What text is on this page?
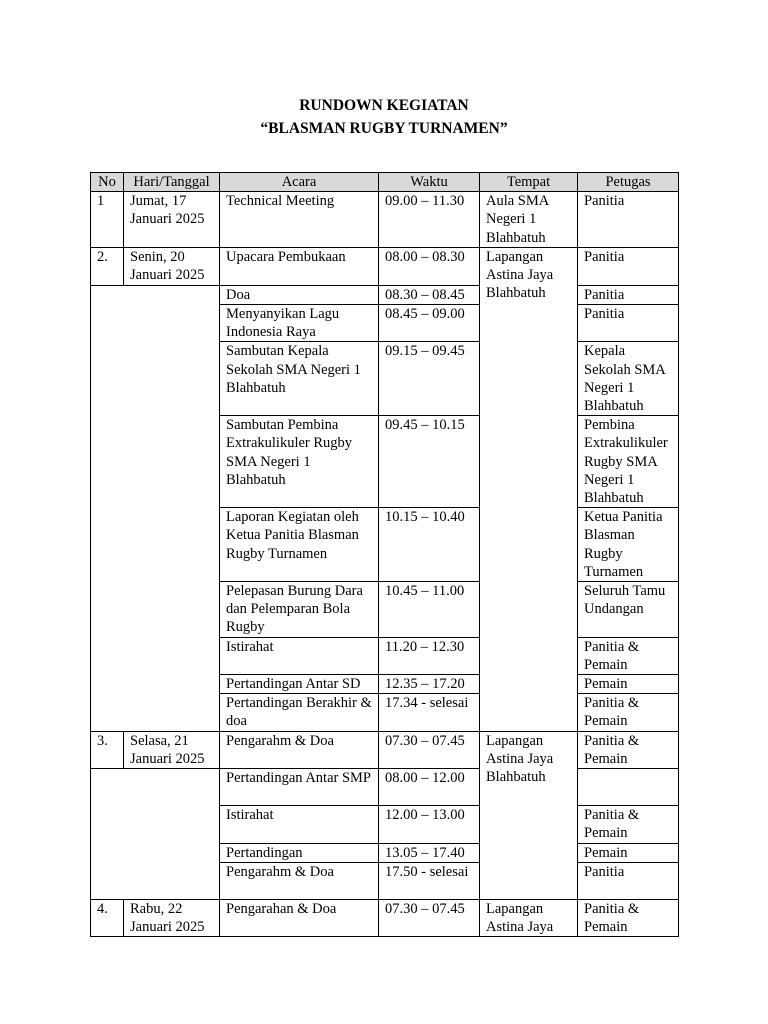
RUNDOWN KEGIATAN
“BLASMAN RUGBY TURNAMEN”
No	Hari/Tanggal	Acara	Waktu	Tempat	Petugas
1	Jumat, 17 Januari 2025	Technical Meeting	09.00 – 11.30	Aula SMA Negeri 1 Blahbatuh	Panitia
2.	Senin, 20 Januari 2025	Upacara Pembukaan	08.00 – 08.30	Lapangan Astina Jaya Blahbatuh	Panitia
		Doa	08.30 – 08.45		Panitia
		Menyanyikan Lagu Indonesia Raya	08.45 – 09.00		Panitia
		Sambutan Kepala Sekolah SMA Negeri 1 Blahbatuh	09.15 – 09.45		Kepala Sekolah SMA Negeri 1 Blahbatuh
		Sambutan Pembina Extrakulikuler Rugby SMA Negeri 1 Blahbatuh	09.45 – 10.15		Pembina Extrakulikuler Rugby SMA Negeri 1 Blahbatuh
		Laporan Kegiatan oleh Ketua Panitia Blasman Rugby Turnamen	10.15 – 10.40		Ketua Panitia Blasman Rugby Turnamen
		Pelepasan Burung Dara dan Pelemparan Bola Rugby	10.45 – 11.00		Seluruh Tamu Undangan
		Istirahat	11.20 – 12.30		Panitia & Pemain
		Pertandingan Antar SD	12.35 – 17.20		Pemain
		Pertandingan Berakhir & doa	17.34 - selesai		Panitia & Pemain
3.	Selasa, 21 Januari 2025	Pengarahm & Doa	07.30 – 07.45	Lapangan Astina Jaya Blahbatuh	Panitia & Pemain
		Pertandingan Antar SMP	08.00 – 12.00		
		Istirahat	12.00 – 13.00		Panitia & Pemain
		Pertandingan	13.05 – 17.40		Pemain
		Pengarahm & Doa	17.50 - selesai		Panitia
4.	Rabu, 22 Januari 2025	Pengarahan & Doa	07.30 – 07.45	Lapangan Astina Jaya	Panitia & Pemain
